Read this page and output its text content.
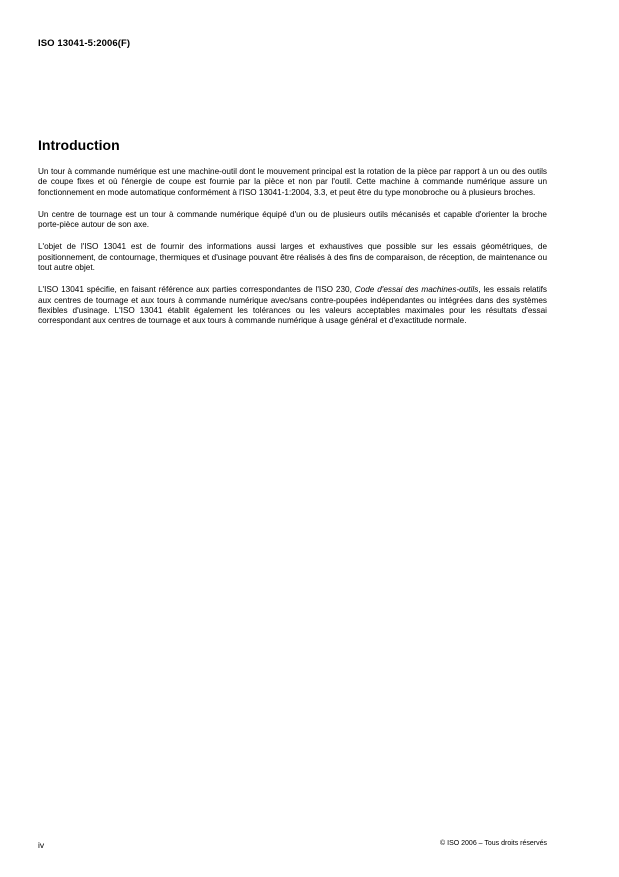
ISO 13041-5:2006(F)
Introduction

Un tour à commande numérique est une machine-outil dont le mouvement principal est la rotation de la pièce par rapport à un ou des outils de coupe fixes et où l'énergie de coupe est fournie par la pièce et non par l'outil. Cette machine à commande numérique assure un fonctionnement en mode automatique conformément à l'ISO 13041-1:2004, 3.3, et peut être du type monobroche ou à plusieurs broches.

Un centre de tournage est un tour à commande numérique équipé d'un ou de plusieurs outils mécanisés et capable d'orienter la broche porte-pièce autour de son axe.

L'objet de l'ISO 13041 est de fournir des informations aussi larges et exhaustives que possible sur les essais géométriques, de positionnement, de contournage, thermiques et d'usinage pouvant être réalisés à des fins de comparaison, de réception, de maintenance ou tout autre objet.

L'ISO 13041 spécifie, en faisant référence aux parties correspondantes de l'ISO 230, Code d'essai des machines-outils, les essais relatifs aux centres de tournage et aux tours à commande numérique avec/sans contre-poupées indépendantes ou intégrées dans des systèmes flexibles d'usinage. L'ISO 13041 établit également les tolérances ou les valeurs acceptables maximales pour les résultats d'essai correspondant aux centres de tournage et aux tours à commande numérique à usage général et d'exactitude normale.

iv	© ISO 2006 – Tous droits réservés
